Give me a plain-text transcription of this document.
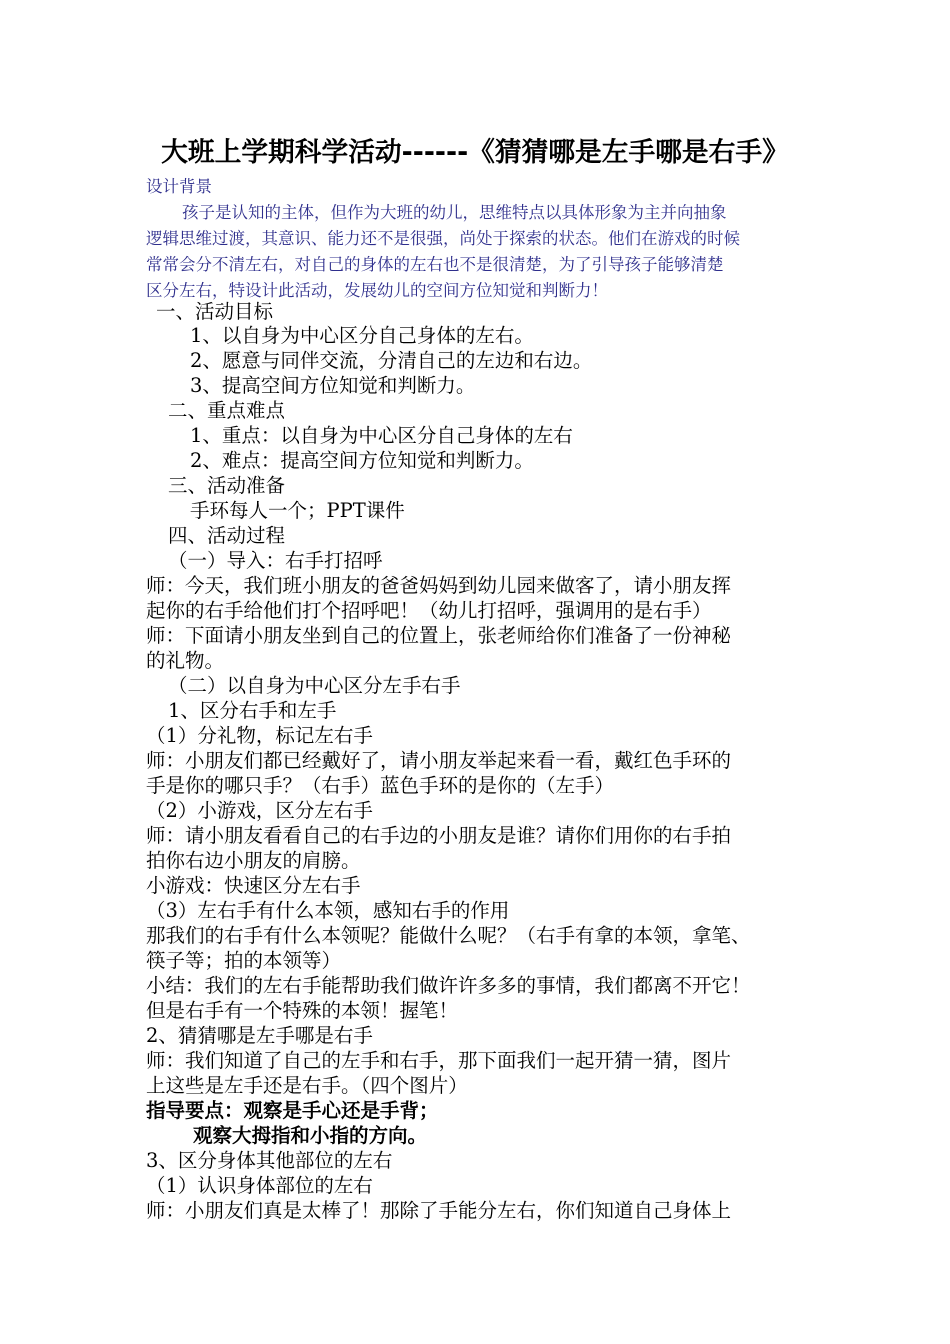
大班上学期科学活动------《猜猜哪是左手哪是右手》
设计背景
孩子是认知的主体，但作为大班的幼儿，思维特点以具体形象为主并向抽象
逻辑思维过渡，其意识、能力还不是很强，尚处于探索的状态。他们在游戏的时候
常常会分不清左右，对自己的身体的左右也不是很清楚，为了引导孩子能够清楚
区分左右，特设计此活动，发展幼儿的空间方位知觉和判断力！
一、活动目标
1、以自身为中心区分自己身体的左右。
2、愿意与同伴交流，分清自己的左边和右边。
3、提高空间方位知觉和判断力。
二、重点难点
1、重点：以自身为中心区分自己身体的左右
2、难点：提高空间方位知觉和判断力。
三、活动准备
手环每人一个；PPT课件
四、活动过程
（一）导入：右手打招呼
师：今天，我们班小朋友的爸爸妈妈到幼儿园来做客了，请小朋友挥
起你的右手给他们打个招呼吧！（幼儿打招呼，强调用的是右手）
师：下面请小朋友坐到自己的位置上，张老师给你们准备了一份神秘
的礼物。
（二）以自身为中心区分左手右手
1、区分右手和左手
（1）分礼物，标记左右手
师：小朋友们都已经戴好了，请小朋友举起来看一看，戴红色手环的
手是你的哪只手？（右手）蓝色手环的是你的（左手）
（2）小游戏，区分左右手
师：请小朋友看看自己的右手边的小朋友是谁？请你们用你的右手拍
拍你右边小朋友的肩膀。
小游戏：快速区分左右手
（3）左右手有什么本领，感知右手的作用
那我们的右手有什么本领呢？能做什么呢？（右手有拿的本领，拿笔、
筷子等；拍的本领等）
小结：我们的左右手能帮助我们做许许多多的事情，我们都离不开它！
但是右手有一个特殊的本领！握笔！
2、猜猜哪是左手哪是右手
师：我们知道了自己的左手和右手，那下面我们一起开猜一猜，图片
上这些是左手还是右手。（四个图片）
指导要点：观察是手心还是手背；
观察大拇指和小指的方向。
3、区分身体其他部位的左右
（1）认识身体部位的左右
师：小朋友们真是太棒了！那除了手能分左右，你们知道自己身体上
